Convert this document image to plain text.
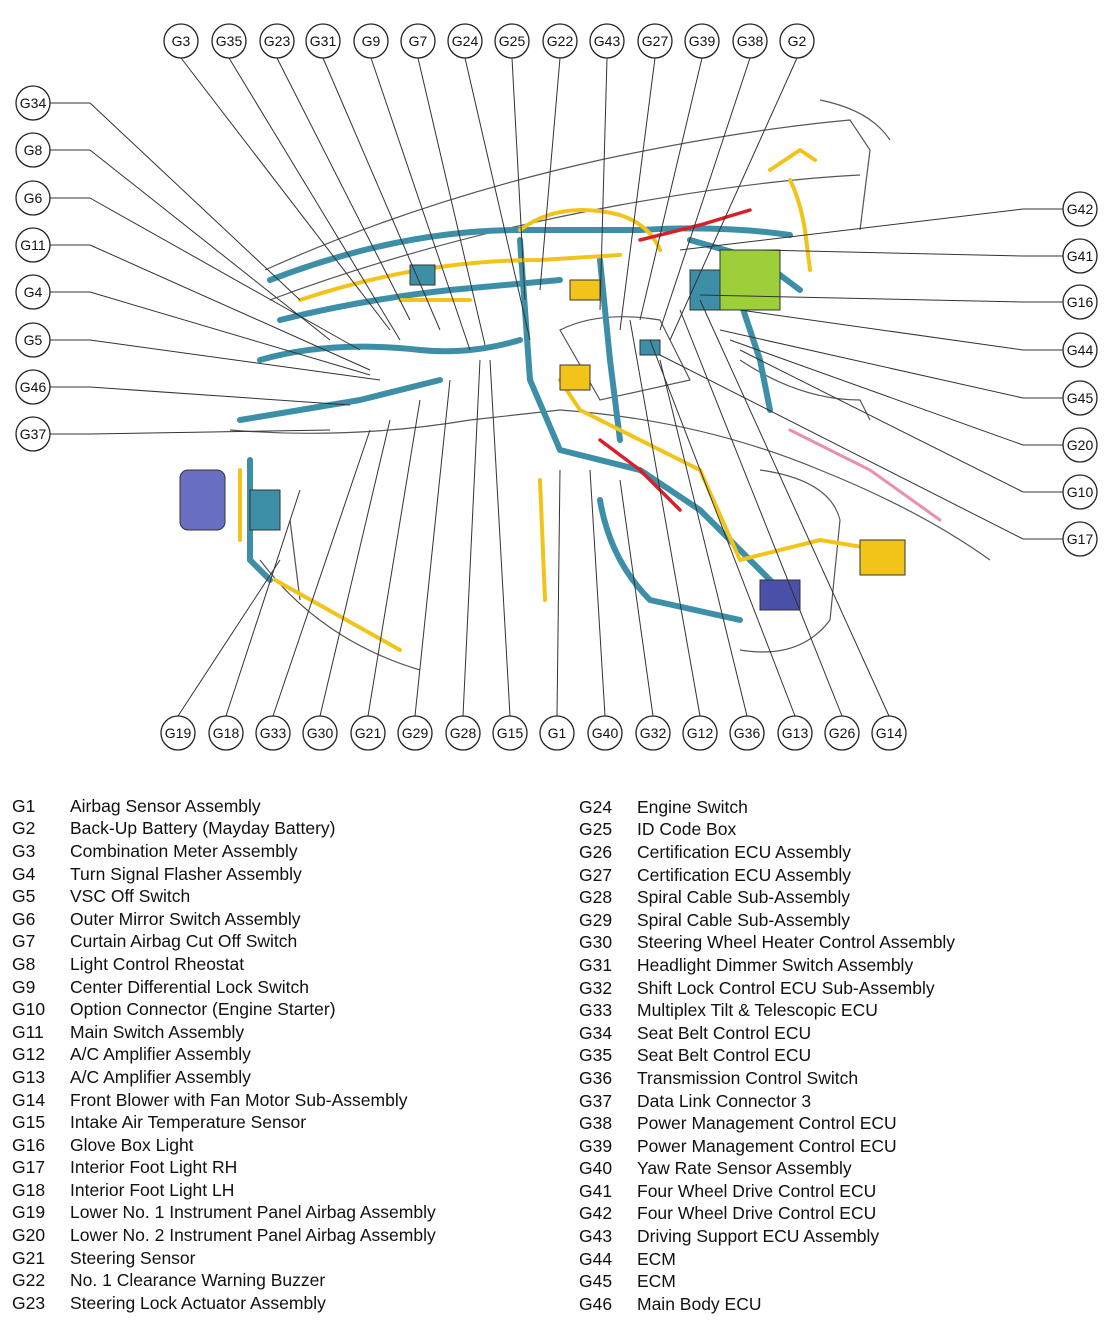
G3 G35 G23 G31 G9 G7 G24 G25 G22 G43 G27 G39 G38 G2
G34
G8
G6
G11
G4
G5
G46
G37
G42
G41
G16
G44
G45
G20
G10
G17
G19 G18 G33 G30 G21 G29 G28 G15 G1 G40 G32 G12 G36 G13 G26 G14
G1	Airbag Sensor Assembly
G2	Back-Up Battery (Mayday Battery)
G3	Combination Meter Assembly
G4	Turn Signal Flasher Assembly
G5	VSC Off Switch
G6	Outer Mirror Switch Assembly
G7	Curtain Airbag Cut Off Switch
G8	Light Control Rheostat
G9	Center Differential Lock Switch
G10	Option Connector (Engine Starter)
G11	Main Switch Assembly
G12	A/C Amplifier Assembly
G13	A/C Amplifier Assembly
G14	Front Blower with Fan Motor Sub-Assembly
G15	Intake Air Temperature Sensor
G16	Glove Box Light
G17	Interior Foot Light RH
G18	Interior Foot Light LH
G19	Lower No. 1 Instrument Panel Airbag Assembly
G20	Lower No. 2 Instrument Panel Airbag Assembly
G21	Steering Sensor
G22	No. 1 Clearance Warning Buzzer
G23	Steering Lock Actuator Assembly
G24	Engine Switch
G25	ID Code Box
G26	Certification ECU Assembly
G27	Certification ECU Assembly
G28	Spiral Cable Sub-Assembly
G29	Spiral Cable Sub-Assembly
G30	Steering Wheel Heater Control Assembly
G31	Headlight Dimmer Switch Assembly
G32	Shift Lock Control ECU Sub-Assembly
G33	Multiplex Tilt & Telescopic ECU
G34	Seat Belt Control ECU
G35	Seat Belt Control ECU
G36	Transmission Control Switch
G37	Data Link Connector 3
G38	Power Management Control ECU
G39	Power Management Control ECU
G40	Yaw Rate Sensor Assembly
G41	Four Wheel Drive Control ECU
G42	Four Wheel Drive Control ECU
G43	Driving Support ECU Assembly
G44	ECM
G45	ECM
G46	Main Body ECU
